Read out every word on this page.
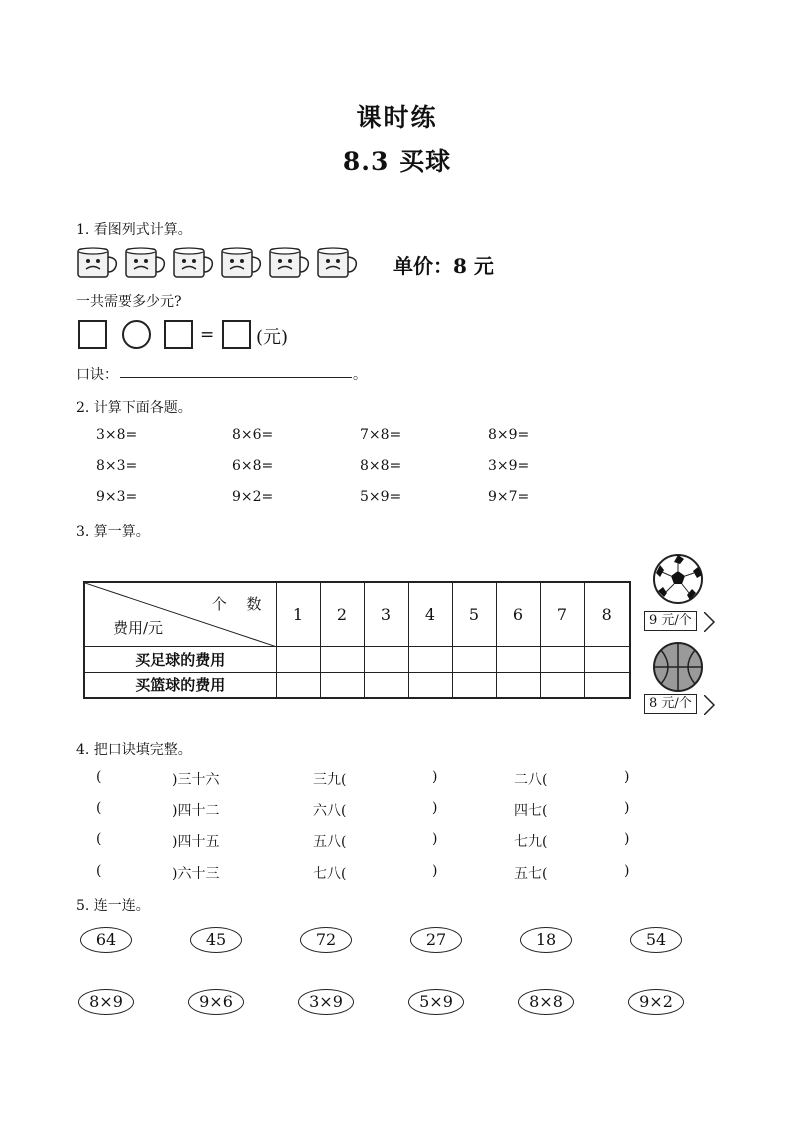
课时练
8.3 买球
1. 看图列式计算。
单价：8 元
一共需要多少元?
= (元)
口诀：	。
2. 计算下面各题。
3×8=	8×6=	7×8=	8×9=
8×3=	6×8=	8×8=	3×9=
9×3=	9×2=	5×9=	9×7=
3. 算一算。
个　 数
费用/元	1	2	3	4	5	6	7	8
买足球的费用								
买篮球的费用								
9 元/个
8 元/个
4. 把口诀填完整。
(	)三十六	三九(	)	二八(	)
(	)四十二	六八(	)	四七(	)
(	)四十五	五八(	)	七九(	)
(	)六十三	七八(	)	五七(	)
5. 连一连。
64	45	72	27	18	54
8×9	9×6	3×9	5×9	8×8	9×2
